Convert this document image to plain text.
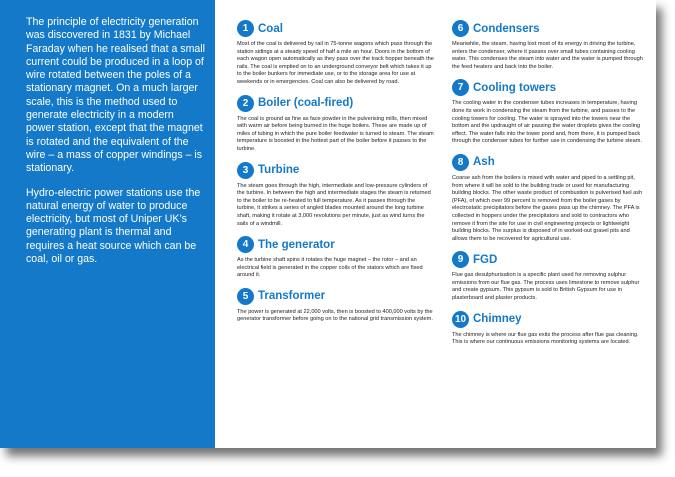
The principle of electricity generation was discovered in 1831 by Michael Faraday when he realised that a small current could be produced in a loop of wire rotated between the poles of a stationary magnet. On a much larger scale, this is the method used to generate electricity in a modern power station, except that the magnet is rotated and the equivalent of the wire – a mass of copper windings – is stationary.

Hydro-electric power stations use the natural energy of water to produce electricity, but most of Uniper UK’s generating plant is thermal and requires a heat source which can be coal, oil or gas.

1 Coal

Most of the coal is delivered by rail in 75-tonne wagons which pass through the station sidings at a steady speed of half a mile an hour. Doors in the bottom of each wagon open automatically as they pass over the track hopper beneath the rails. The coal is emptied on to an underground conveyor belt which takes it up to the boiler bunkers for immediate use, or to the storage area for use at weekends or in emergencies. Coal can also be delivered by road.

2 Boiler (coal-fired)

The coal is ground as fine as face powder in the pulverising mills, then mixed with warm air before being burned in the huge boilers. These are made up of miles of tubing in which the pure boiler feedwater is turned to steam. The steam temperature is boosted in the hottest part of the boiler before it passes to the turbine.

3 Turbine

The steam goes through the high, intermediate and low-pressure cylinders of the turbine. In between the high and intermediate stages the steam is returned to the boiler to be re-heated to full temperature. As it passes through the turbine, it strikes a series of angled blades mounted around the long turbine shaft, making it rotate at 3,000 revolutions per minute, just as wind turns the sails of a windmill.

4 The generator

As the turbine shaft spins it rotates the huge magnet – the rotor – and an electrical field is generated in the copper coils of the stators which are fixed around it.

5 Transformer

The power is generated at 22,000 volts, then is boosted to 400,000 volts by the generator transformer before going on to the national grid transmission system.

6 Condensers

Meanwhile, the steam, having lost most of its energy in driving the turbine, enters the condenser, where it passes over small tubes containing cooling water. This condenses the steam into water and the water is pumped through the feed heaters and back into the boiler.

7 Cooling towers

The cooling water in the condenser tubes increases in temperature, having done its work in condensing the steam from the turbine, and passes to the cooling towers for cooling. The water is sprayed into the towers near the bottom and the updraught of air passing the water droplets gives the cooling effect. The water falls into the tower pond and, from there, it is pumped back through the condenser tubes for further use in condensing the turbine steam.

8 Ash

Coarse ash from the boilers is mixed with water and piped to a settling pit, from where it will be sold to the building trade or used for manufacturing building blocks. The other waste product of combustion is pulverised fuel ash (PFA), of which over 99 percent is removed from the boiler gases by electrostatic precipitators before the gases pass up the chimney. The PFA is collected in hoppers under the precipitators and sold to contractors who remove it from the site for use in civil engineering projects or lightweight building blocks. The surplus is disposed of in worked-out gravel pits and allows them to be recovered for agricultural use.

9 FGD

Flue gas desulphurisation is a specific plant used for removing sulphur emissions from our flue gas. The process uses limestone to remove sulphur and create gypsum. This gypsum is sold to British Gypsum for use in plasterboard and plaster products.

10 Chimney

The chimney is where our flue gas exits the process after flue gas cleaning. This is where our continuous emissions monitoring systems are located.
